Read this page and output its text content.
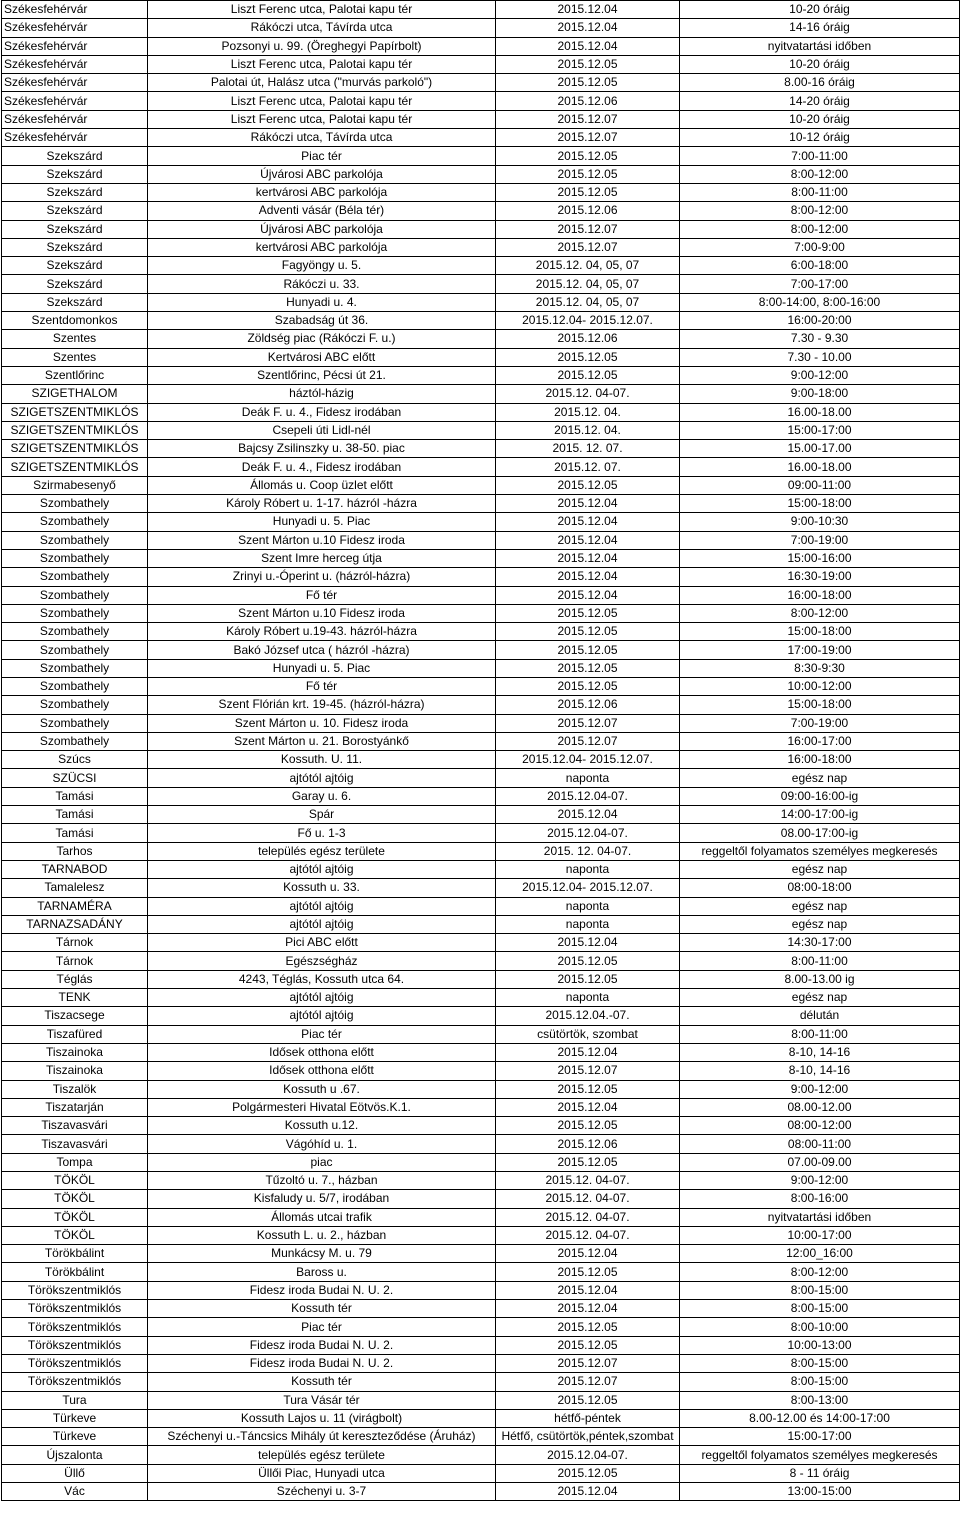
Székesfehérvár	Liszt Ferenc utca, Palotai kapu tér	2015.12.04	10-20 óráig
Székesfehérvár	Rákóczi utca, Távírda utca	2015.12.04	14-16 óráig
Székesfehérvár	Pozsonyi u. 99. (Öreghegyi Papírbolt)	2015.12.04	nyitvatartási időben
Székesfehérvár	Liszt Ferenc utca, Palotai kapu tér	2015.12.05	10-20 óráig
Székesfehérvár	Palotai út, Halász utca ("murvás parkoló")	2015.12.05	8.00-16 óráig
Székesfehérvár	Liszt Ferenc utca, Palotai kapu tér	2015.12.06	14-20 óráig
Székesfehérvár	Liszt Ferenc utca, Palotai kapu tér	2015.12.07	10-20 óráig
Székesfehérvár	Rákóczi utca, Távírda utca	2015.12.07	10-12 óráig
Szekszárd	Piac tér	2015.12.05	7:00-11:00
Szekszárd	Újvárosi ABC parkolója	2015.12.05	8:00-12:00
Szekszárd	kertvárosi ABC parkolója	2015.12.05	8:00-11:00
Szekszárd	Adventi vásár (Béla tér)	2015.12.06	8:00-12:00
Szekszárd	Újvárosi ABC parkolója	2015.12.07	8:00-12:00
Szekszárd	kertvárosi ABC parkolója	2015.12.07	7:00-9:00
Szekszárd	Fagyöngy u. 5.	2015.12. 04, 05, 07	6:00-18:00
Szekszárd	Rákóczi u. 33.	2015.12. 04, 05, 07	7:00-17:00
Szekszárd	Hunyadi u. 4.	2015.12. 04, 05, 07	8:00-14:00, 8:00-16:00
Szentdomonkos	Szabadság út 36.	2015.12.04- 2015.12.07.	16:00-20:00
Szentes	Zöldség piac (Rákóczi F. u.)	2015.12.06	7.30 - 9.30
Szentes	Kertvárosi ABC előtt	2015.12.05	7.30 - 10.00
Szentlőrinc	Szentlőrinc, Pécsi út 21.	2015.12.05	9:00-12:00
SZIGETHALOM	háztól-házig	2015.12. 04-07.	9:00-18:00
SZIGETSZENTMIKLÓS	Deák F. u. 4., Fidesz irodában	2015.12. 04.	16.00-18.00
SZIGETSZENTMIKLÓS	Csepeli úti Lidl-nél	2015.12. 04.	15:00-17:00
SZIGETSZENTMIKLÓS	Bajcsy Zsilinszky u. 38-50. piac	2015. 12. 07.	15.00-17.00
SZIGETSZENTMIKLÓS	Deák F. u. 4., Fidesz irodában	2015.12. 07.	16.00-18.00
Szirmabesenyő	Állomás u. Coop üzlet előtt	2015.12.05	09:00-11:00
Szombathely	Károly Róbert u. 1-17. házról -házra	2015.12.04	15:00-18:00
Szombathely	Hunyadi u. 5. Piac	2015.12.04	9:00-10:30
Szombathely	Szent Márton u.10 Fidesz iroda	2015.12.04	7:00-19:00
Szombathely	Szent Imre herceg útja	2015.12.04	15:00-16:00
Szombathely	Zrinyi u.-Óperint u. (házról-házra)	2015.12.04	16:30-19:00
Szombathely	Fő tér	2015.12.04	16:00-18:00
Szombathely	Szent Márton u.10 Fidesz iroda	2015.12.05	8:00-12:00
Szombathely	Károly Róbert u.19-43. házról-házra	2015.12.05	15:00-18:00
Szombathely	Bakó József utca ( házról -házra)	2015.12.05	17:00-19:00
Szombathely	Hunyadi u. 5. Piac	2015.12.05	8:30-9:30
Szombathely	Fő tér	2015.12.05	10:00-12:00
Szombathely	Szent Flórián krt. 19-45. (házról-házra)	2015.12.06	15:00-18:00
Szombathely	Szent Márton u. 10. Fidesz iroda	2015.12.07	7:00-19:00
Szombathely	Szent Márton u. 21. Borostyánkő	2015.12.07	16:00-17:00
Szúcs	Kossuth. U. 11.	2015.12.04- 2015.12.07.	16:00-18:00
SZÜCSI	ajtótól ajtóig	naponta	egész nap
Tamási	Garay u. 6.	2015.12.04-07.	09:00-16:00-ig
Tamási	Spár	2015.12.04	14:00-17:00-ig
Tamási	Fő u. 1-3	2015.12.04-07.	08.00-17:00-ig
Tarhos	település egész területe	2015. 12. 04-07.	reggeltől folyamatos személyes megkeresés
TARNABOD	ajtótól ajtóig	naponta	egész nap
Tamalelesz	Kossuth u. 33.	2015.12.04- 2015.12.07.	08:00-18:00
TARNAMÉRA	ajtótól ajtóig	naponta	egész nap
TARNAZSADÁNY	ajtótól ajtóig	naponta	egész nap
Tárnok	Pici ABC előtt	2015.12.04	14:30-17:00
Tárnok	Egészségház	2015.12.05	8:00-11:00
Téglás	4243, Téglás, Kossuth utca 64.	2015.12.05	8.00-13.00 ig
TENK	ajtótól ajtóig	naponta	egész nap
Tiszacsege	ajtótól ajtóig	2015.12.04.-07.	délután
Tiszafüred	Piac tér	csütörtök, szombat	8:00-11:00
Tiszainoka	Idősek otthona előtt	2015.12.04	8-10, 14-16
Tiszainoka	Idősek otthona előtt	2015.12.07	8-10, 14-16
Tiszalök	Kossuth u .67.	2015.12.05	9:00-12:00
Tiszatarján	Polgármesteri Hivatal Eötvös.K.1.	2015.12.04	08.00-12.00
Tiszavasvári	Kossuth u.12.	2015.12.05	08:00-12:00
Tiszavasvári	Vágóhíd u. 1.	2015.12.06	08:00-11:00
Tompa	piac	2015.12.05	07.00-09.00
TÖKÖL	Tűzoltó u. 7., házban	2015.12. 04-07.	9:00-12:00
TÖKÖL	Kisfaludy u. 5/7, irodában	2015.12. 04-07.	8:00-16:00
TÖKÖL	Állomás utcai trafik	2015.12. 04-07.	nyitvatartási időben
TÖKÖL	Kossuth L. u. 2., házban	2015.12. 04-07.	10:00-17:00
Törökbálint	Munkácsy M. u. 79	2015.12.04	12:00_16:00
Törökbálint	Baross u.	2015.12.05	8:00-12:00
Törökszentmiklós	Fidesz iroda Budai N. U. 2.	2015.12.04	8:00-15:00
Törökszentmiklós	Kossuth tér	2015.12.04	8:00-15:00
Törökszentmiklós	Piac tér	2015.12.05	8:00-10:00
Törökszentmiklós	Fidesz iroda Budai N. U. 2.	2015.12.05	10:00-13:00
Törökszentmiklós	Fidesz iroda Budai N. U. 2.	2015.12.07	8:00-15:00
Törökszentmiklós	Kossuth tér	2015.12.07	8:00-15:00
Tura	Tura Vásár tér	2015.12.05	8:00-13:00
Türkeve	Kossuth Lajos u. 11 (virágbolt)	hétfő-péntek	8.00-12.00 és 14:00-17:00
Türkeve	Széchenyi u.-Táncsics Mihály út kereszteződése (Áruház)	Hétfő, csütörtök,péntek,szombat	15:00-17:00
Újszalonta	település egész területe	2015.12.04-07.	reggeltől folyamatos személyes megkeresés
Üllő	Üllői Piac, Hunyadi utca	2015.12.05	8 - 11 óráig
Vác	Széchenyi u. 3-7	2015.12.04	13:00-15:00
